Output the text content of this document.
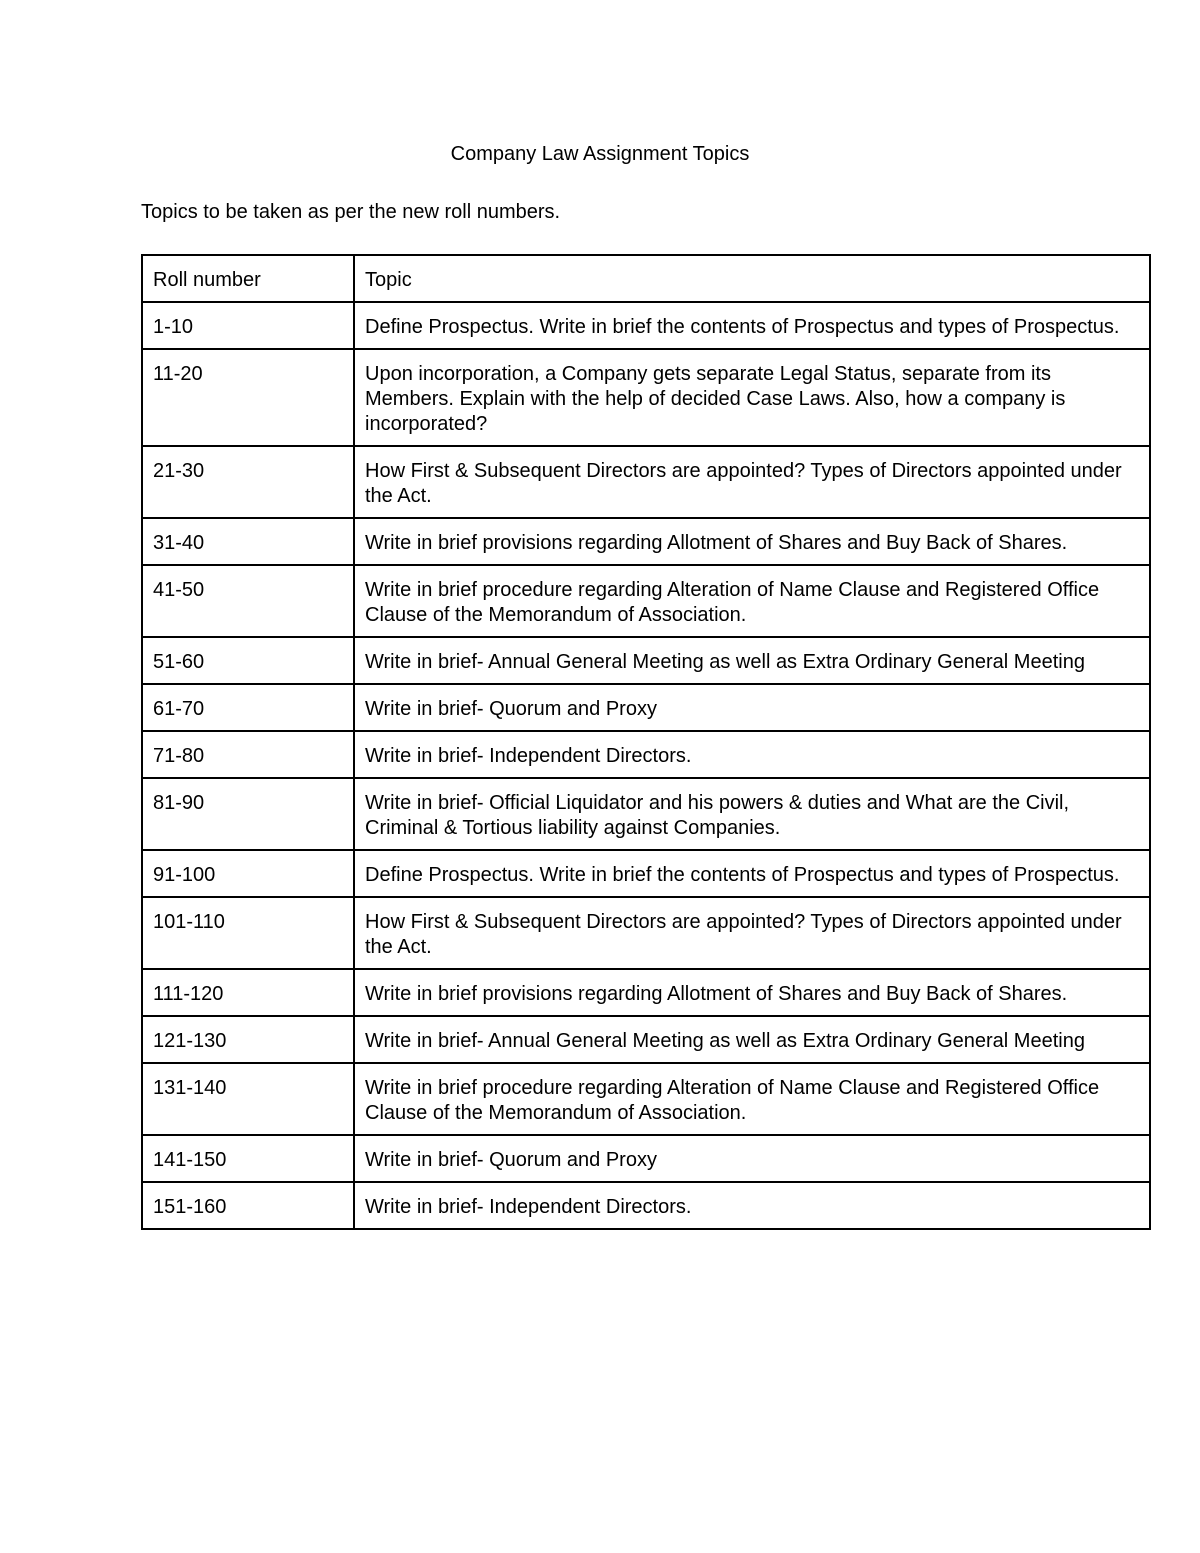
Company Law Assignment Topics
Topics to be taken as per the new roll numbers.
Roll number	Topic
1-10	Define Prospectus. Write in brief the contents of Prospectus and types of Prospectus.
11-20	Upon incorporation, a Company gets separate Legal Status, separate from its Members. Explain with the help of decided Case Laws. Also, how a company is incorporated?
21-30	How First & Subsequent Directors are appointed? Types of Directors appointed under the Act.
31-40	Write in brief provisions regarding Allotment of Shares and Buy Back of Shares.
41-50	Write in brief procedure regarding Alteration of Name Clause and Registered Office Clause of the Memorandum of Association.
51-60	Write in brief- Annual General Meeting as well as Extra Ordinary General Meeting
61-70	Write in brief- Quorum and Proxy
71-80	Write in brief- Independent Directors.
81-90	Write in brief- Official Liquidator and his powers & duties and What are the Civil, Criminal & Tortious liability against Companies.
91-100	Define Prospectus. Write in brief the contents of Prospectus and types of Prospectus.
101-110	How First & Subsequent Directors are appointed? Types of Directors appointed under the Act.
111-120	Write in brief provisions regarding Allotment of Shares and Buy Back of Shares.
121-130	Write in brief- Annual General Meeting as well as Extra Ordinary General Meeting
131-140	Write in brief procedure regarding Alteration of Name Clause and Registered Office Clause of the Memorandum of Association.
141-150	Write in brief- Quorum and Proxy
151-160	Write in brief- Independent Directors.
